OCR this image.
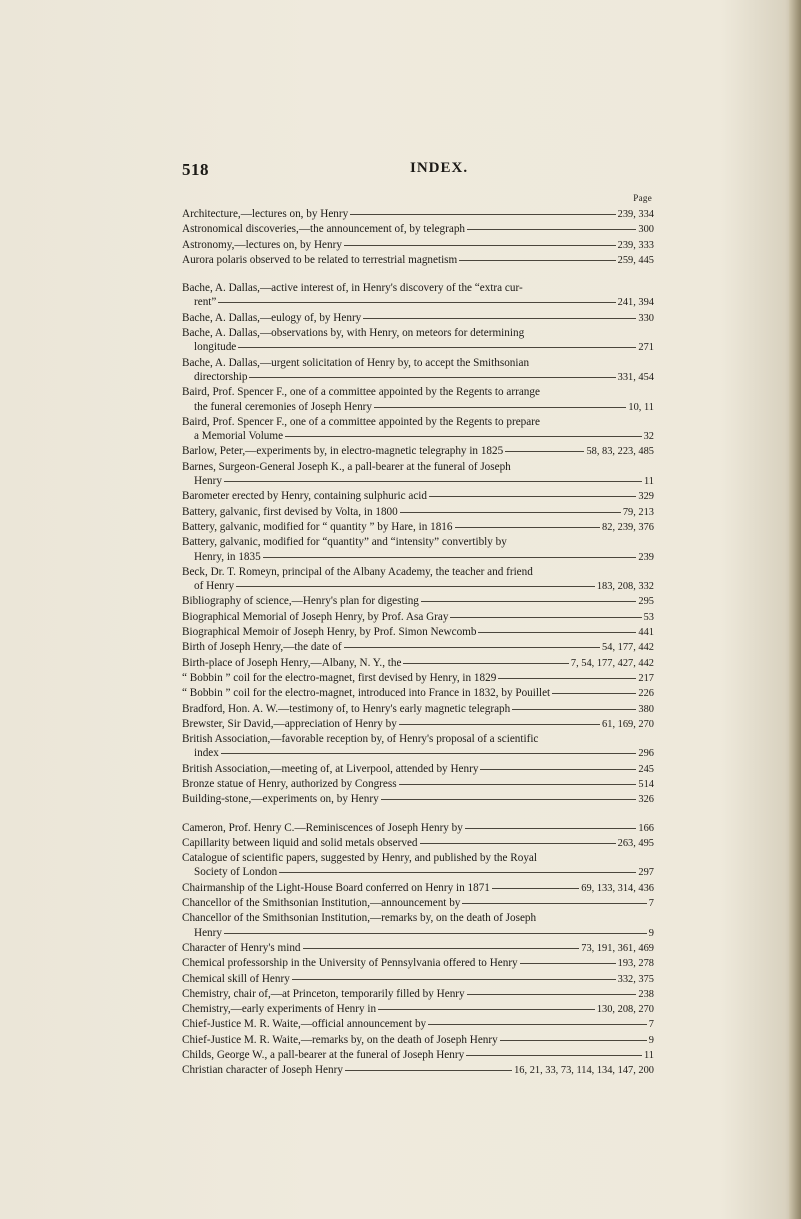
518	INDEX.
Page
Architecture,—lectures on, by Henry	239, 334
Astronomical discoveries,—the announcement of, by telegraph	300
Astronomy,—lectures on, by Henry	239, 333
Aurora polaris observed to be related to terrestrial magnetism	259, 445
Bache, A. Dallas,—active interest of, in Henry's discovery of the “extra cur-
rent”	241, 394
Bache, A. Dallas,—eulogy of, by Henry	330
Bache, A. Dallas,—observations by, with Henry, on meteors for determining
longitude	271
Bache, A. Dallas,—urgent solicitation of Henry by, to accept the Smithsonian
directorship	331, 454
Baird, Prof. Spencer F., one of a committee appointed by the Regents to arrange
the funeral ceremonies of Joseph Henry	10, 11
Baird, Prof. Spencer F., one of a committee appointed by the Regents to prepare
a Memorial Volume	32
Barlow, Peter,—experiments by, in electro-magnetic telegraphy in 1825	58, 83, 223, 485
Barnes, Surgeon-General Joseph K., a pall-bearer at the funeral of Joseph
Henry	11
Barometer erected by Henry, containing sulphuric acid	329
Battery, galvanic, first devised by Volta, in 1800	79, 213
Battery, galvanic, modified for “ quantity ” by Hare, in 1816	82, 239, 376
Battery, galvanic, modified for “quantity” and “intensity” convertibly by
Henry, in 1835	239
Beck, Dr. T. Romeyn, principal of the Albany Academy, the teacher and friend
of Henry	183, 208, 332
Bibliography of science,—Henry's plan for digesting	295
Biographical Memorial of Joseph Henry, by Prof. Asa Gray	53
Biographical Memoir of Joseph Henry, by Prof. Simon Newcomb	441
Birth of Joseph Henry,—the date of	54, 177, 442
Birth-place of Joseph Henry,—Albany, N. Y., the	7, 54, 177, 427, 442
“ Bobbin ” coil for the electro-magnet, first devised by Henry, in 1829	217
“ Bobbin ” coil for the electro-magnet, introduced into France in 1832, by Pouillet	226
Bradford, Hon. A. W.—testimony of, to Henry's early magnetic telegraph	380
Brewster, Sir David,—appreciation of Henry by	61, 169, 270
British Association,—favorable reception by, of Henry's proposal of a scientific
index	296
British Association,—meeting of, at Liverpool, attended by Henry	245
Bronze statue of Henry, authorized by Congress	514
Building-stone,—experiments on, by Henry	326
Cameron, Prof. Henry C.—Reminiscences of Joseph Henry by	166
Capillarity between liquid and solid metals observed	263, 495
Catalogue of scientific papers, suggested by Henry, and published by the Royal
Society of London	297
Chairmanship of the Light-House Board conferred on Henry in 1871	69, 133, 314, 436
Chancellor of the Smithsonian Institution,—announcement by	7
Chancellor of the Smithsonian Institution,—remarks by, on the death of Joseph
Henry	9
Character of Henry's mind	73, 191, 361, 469
Chemical professorship in the University of Pennsylvania offered to Henry	193, 278
Chemical skill of Henry	332, 375
Chemistry, chair of,—at Princeton, temporarily filled by Henry	238
Chemistry,—early experiments of Henry in	130, 208, 270
Chief-Justice M. R. Waite,—official announcement by	7
Chief-Justice M. R. Waite,—remarks by, on the death of Joseph Henry	9
Childs, George W., a pall-bearer at the funeral of Joseph Henry	11
Christian character of Joseph Henry	16, 21, 33, 73, 114, 134, 147, 200
